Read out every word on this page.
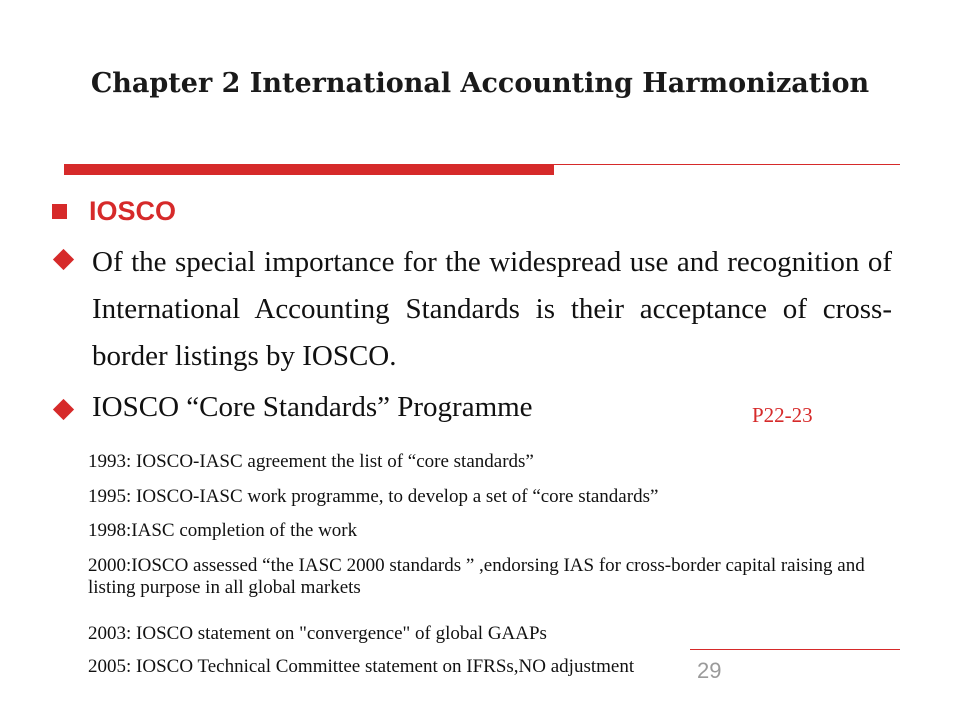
Chapter 2 International Accounting Harmonization
IOSCO
Of the special importance for the widespread use and recognition of International Accounting Standards is their acceptance of cross-border listings by IOSCO.
IOSCO “Core Standards” Programme	P22-23
1993: IOSCO-IASC agreement the list of “core standards”
1995: IOSCO-IASC work programme, to develop a set of “core standards”
1998:IASC completion of the work
2000:IOSCO assessed “the IASC 2000 standards ” ,endorsing IAS for cross-border capital raising and listing purpose in all global markets
2003: IOSCO statement on "convergence" of global GAAPs
2005: IOSCO Technical Committee statement on IFRSs,NO adjustment	29
